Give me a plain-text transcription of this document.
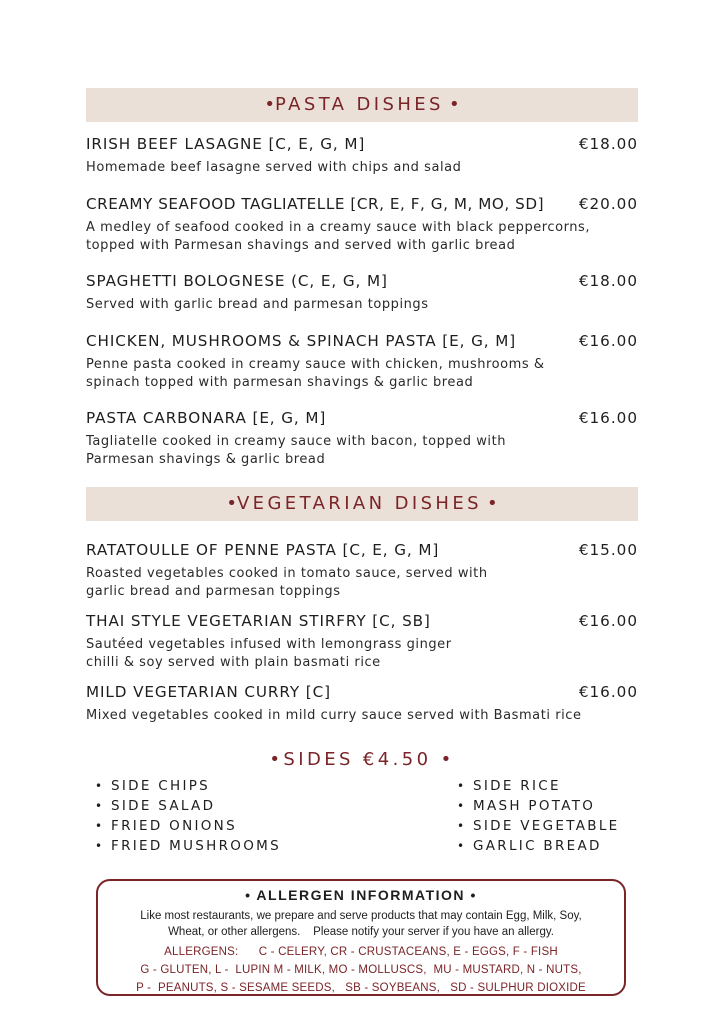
•PASTA DISHES •
IRISH BEEF LASAGNE [C, E, G, M]	€18.00
Homemade beef lasagne served with chips and salad
CREAMY SEAFOOD TAGLIATELLE [CR, E, F, G, M, MO, SD] €20.00
A medley of seafood cooked in a creamy sauce with black peppercorns,
topped with Parmesan shavings and served with garlic bread
SPAGHETTI BOLOGNESE (C, E, G, M]	€18.00
Served with garlic bread and parmesan toppings
CHICKEN, MUSHROOMS & SPINACH PASTA [E, G, M]	€16.00
Penne pasta cooked in creamy sauce with chicken, mushrooms &
spinach topped with parmesan shavings & garlic bread
PASTA CARBONARA [E, G, M]	€16.00
Tagliatelle cooked in creamy sauce with bacon, topped with
Parmesan shavings & garlic bread
•VEGETARIAN DISHES •
RATATOULLE OF PENNE PASTA [C, E, G, M]	€15.00
Roasted vegetables cooked in tomato sauce, served with
garlic bread and parmesan toppings
THAI STYLE VEGETARIAN STIRFRY [C, SB]	€16.00
Sautéed vegetables infused with lemongrass ginger
chilli & soy served with plain basmati rice
MILD VEGETARIAN CURRY [C]	€16.00
Mixed vegetables cooked in mild curry sauce served with Basmati rice
•SIDES €4.50 •
• SIDE CHIPS
• SIDE SALAD
• FRIED ONIONS
• FRIED MUSHROOMS
• SIDE RICE
• MASH POTATO
• SIDE VEGETABLE
• GARLIC BREAD
• ALLERGEN INFORMATION •
Like most restaurants, we prepare and serve products that may contain Egg, Milk, Soy,
Wheat, or other allergens.    Please notify your server if you have an allergy.
ALLERGENS:      C - CELERY, CR - CRUSTACEANS, E - EGGS, F - FISH
G - GLUTEN, L -  LUPIN M - MILK, MO - MOLLUSCS,  MU - MUSTARD, N - NUTS,
P -  PEANUTS, S - SESAME SEEDS,   SB - SOYBEANS,   SD - SULPHUR DIOXIDE
